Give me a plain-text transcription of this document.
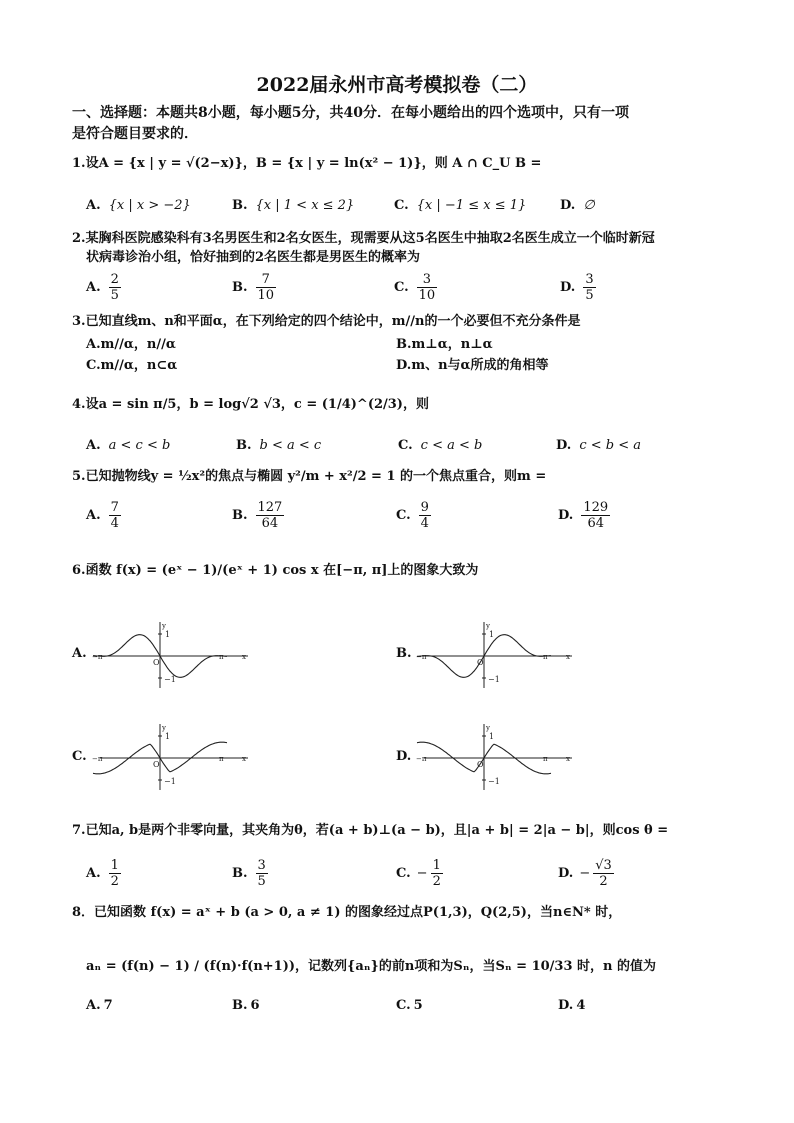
2022届永州市高考模拟卷（二）
一、选择题：本题共8小题，每小题5分，共40分．在每小题给出的四个选项中，只有一项
是符合题目要求的．
1.设A = {x | y = √(2−x)}，B = {x | y = ln(x² − 1)}，则 A ∩ C_U B =
A. {x | x > −2}	B. {x | 1 < x ≤ 2}	C. {x | −1 ≤ x ≤ 1}	D. ∅
2.某胸科医院感染科有3名男医生和2名女医生，现需要从这5名医生中抽取2名医生成立一个临时新冠
状病毒诊治小组，恰好抽到的2名医生都是男医生的概率为
A. $\frac{2}{5}$	B. $\frac{7}{10}$	C. $\frac{3}{10}$	D. $\frac{3}{5}$
3.已知直线m、n和平面α，在下列给定的四个结论中，m//n的一个必要但不充分条件是
A.m//α，n//α	B.m⊥α，n⊥α
C.m//α，n⊂α	D.m、n与α所成的角相等
4.设a = sin π/5，b = log√2 √3，c = (1/4)^(2/3)，则
A. a < c < b	B. b < a < c	C. c < a < b	D. c < b < a
5.已知抛物线y = ½x²的焦点与椭圆 y²/m + x²/2 = 1 的一个焦点重合，则m =
A. $\frac{7}{4}$	B. $\frac{127}{64}$	C. $\frac{9}{4}$	D. $\frac{129}{64}$
6.函数 f(x) = (eˣ − 1)/(eˣ + 1) cos x 在[−π, π]上的图象大致为
A.	B.
C.	D.
1
−1
O
−π	π	x
y
1
−1
O
−π	π	x
y
1
−1
O
−π	π	x
y
1
−1
O
−π	π	x
y
7.已知a, b是两个非零向量，其夹角为θ，若(a + b)⊥(a − b)，且|a + b| = 2|a − b|，则cos θ =
A. $\frac{1}{2}$	B. $\frac{3}{5}$	C. − $\frac{1}{2}$	D. − $\frac{√3}{2}$
8．已知函数 f(x) = aˣ + b (a > 0, a ≠ 1) 的图象经过点P(1,3)，Q(2,5)，当n∈N* 时，
aₙ = (f(n) − 1) / (f(n)·f(n+1))，记数列{aₙ}的前n项和为Sₙ，当Sₙ = 10/33 时，n 的值为
A. 7	B. 6	C. 5	D. 4
